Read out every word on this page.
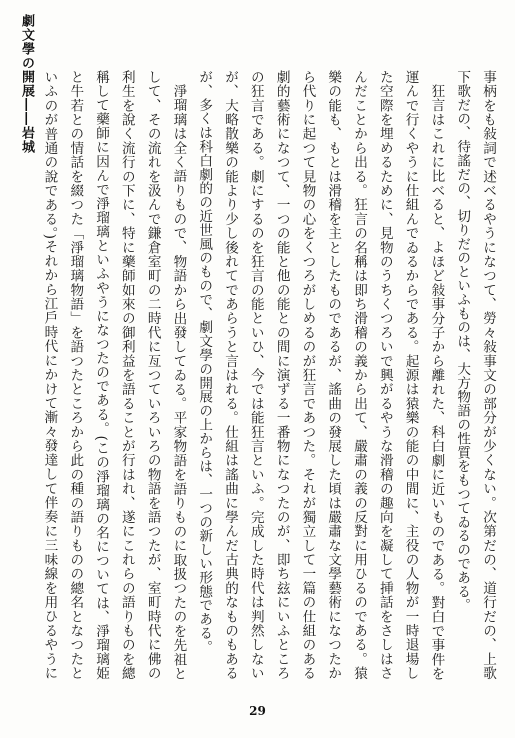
劇文學の開展――岩城	事柄をも敍詞で述べるやうになつて、勞々敍事文の部分が少くない。次第だの、道行だの、上歌下歌だの、待謠だの、切りだのといふものは、大方物語の性質をもつてゐるのである。

狂言はこれに比べると、よほど敍事分子から離れた、科白劇に近いものである。對白で事件を運んで行くやうに仕組んでゐるからである。起源は猿樂の能の中間に、主役の人物が一時退場した空際を埋めるために、見物のうちくつろいで興がるやうな滑稽の趣向を凝して挿話をさしはさんだことから出る。狂言の名稱は即ち滑稽の義から出て、嚴肅の義の反對に用ひるのである。猿樂の能も、もとは滑稽を主としたものであるが、謠曲の發展した頃は嚴肅な文學藝術になつたから代りに起つて見物の心をくつろがしめるのが狂言であつた。それが獨立して一篇の仕組のある劇的藝術になつて、一つの能と他の能との間に演ずる一番物になつたのが、即ち玆にいふところの狂言である。劇にするのを狂言の能といひ、今では能狂言といふ。完成した時代は判然しないが、大略散樂の能より少し後れてであらうと言はれる。仕組は謠曲に學んだ古典的なものもあるが、多くは科白劇的の近世風のもので、劇文學の開展の上からは、一つの新しい形態である。

淨瑠璃は全く語りもので、物語から出發してゐる。平家物語を語りものに取扱つたのを先祖として、その流れを汲んで鎌倉室町の二時代に亙つていろいろの物語を語つたが、室町時代に佛の利生を說く流行の下に、特に藥師如來の御利益を語ることが行はれ、遂にこれらの語りものを總稱して藥師に因んで淨瑠璃といふやうになつたのである。(この淨瑠璃の名については、淨瑠璃姫と牛若との情話を綴つた「淨瑠璃物語」を語つたところから此の種の語りものの總名となつたといふのが普通の說である。)それから江戶時代にかけて漸々發達して伴奏に三味線を用ひるやうに

29
